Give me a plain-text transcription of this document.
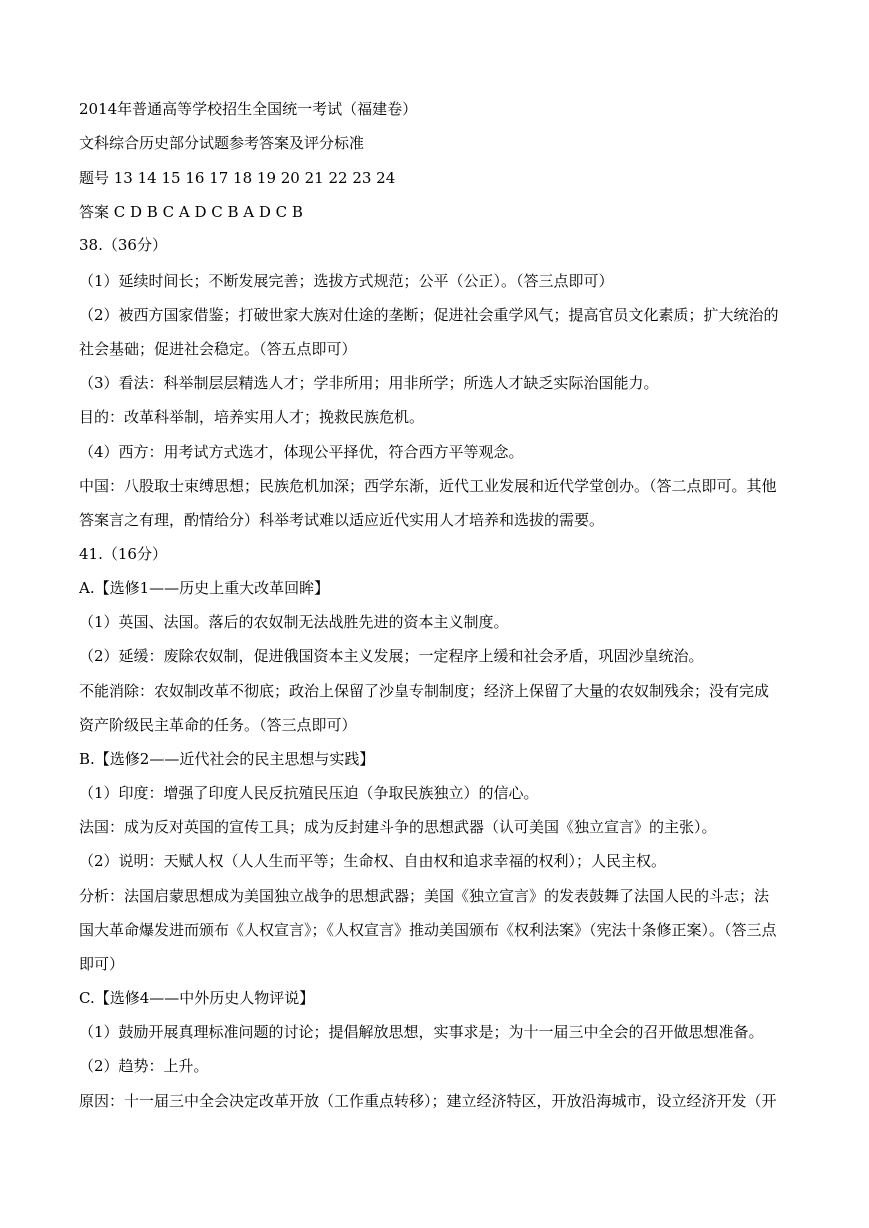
2014年普通高等学校招生全国统一考试（福建卷）
文科综合历史部分试题参考答案及评分标准
题号 13 14 15 16 17 18 19 20 21 22 23 24
答案 C D B C A D C B A D C B
38.（36分）
（1）延续时间长；不断发展完善；选拔方式规范；公平（公正）。（答三点即可）
（2）被西方国家借鉴；打破世家大族对仕途的垄断；促进社会重学风气；提高官员文化素质；扩大统治的
社会基础；促进社会稳定。（答五点即可）
（3）看法：科举制层层精选人才；学非所用；用非所学；所选人才缺乏实际治国能力。
目的：改革科举制，培养实用人才；挽救民族危机。
（4）西方：用考试方式选才，体现公平择优，符合西方平等观念。
中国：八股取士束缚思想；民族危机加深；西学东渐，近代工业发展和近代学堂创办。（答二点即可。其他
答案言之有理，酌情给分）科举考试难以适应近代实用人才培养和选拔的需要。
41.（16分）
A.【选修1——历史上重大改革回眸】
（1）英国、法国。落后的农奴制无法战胜先进的资本主义制度。
（2）延缓：废除农奴制，促进俄国资本主义发展；一定程序上缓和社会矛盾，巩固沙皇统治。
不能消除：农奴制改革不彻底；政治上保留了沙皇专制制度；经济上保留了大量的农奴制残余；没有完成
资产阶级民主革命的任务。（答三点即可）
B.【选修2——近代社会的民主思想与实践】
（1）印度：增强了印度人民反抗殖民压迫（争取民族独立）的信心。
法国：成为反对英国的宣传工具；成为反封建斗争的思想武器（认可美国《独立宣言》的主张）。
（2）说明：天赋人权（人人生而平等；生命权、自由权和追求幸福的权利）；人民主权。
分析：法国启蒙思想成为美国独立战争的思想武器；美国《独立宣言》的发表鼓舞了法国人民的斗志；法
国大革命爆发进而颁布《人权宣言》；《人权宣言》推动美国颁布《权利法案》（宪法十条修正案）。（答三点
即可）
C.【选修4——中外历史人物评说】
（1）鼓励开展真理标准问题的讨论；提倡解放思想，实事求是；为十一届三中全会的召开做思想准备。
（2）趋势：上升。
原因：十一届三中全会决定改革开放（工作重点转移）；建立经济特区，开放沿海城市，设立经济开发（开
